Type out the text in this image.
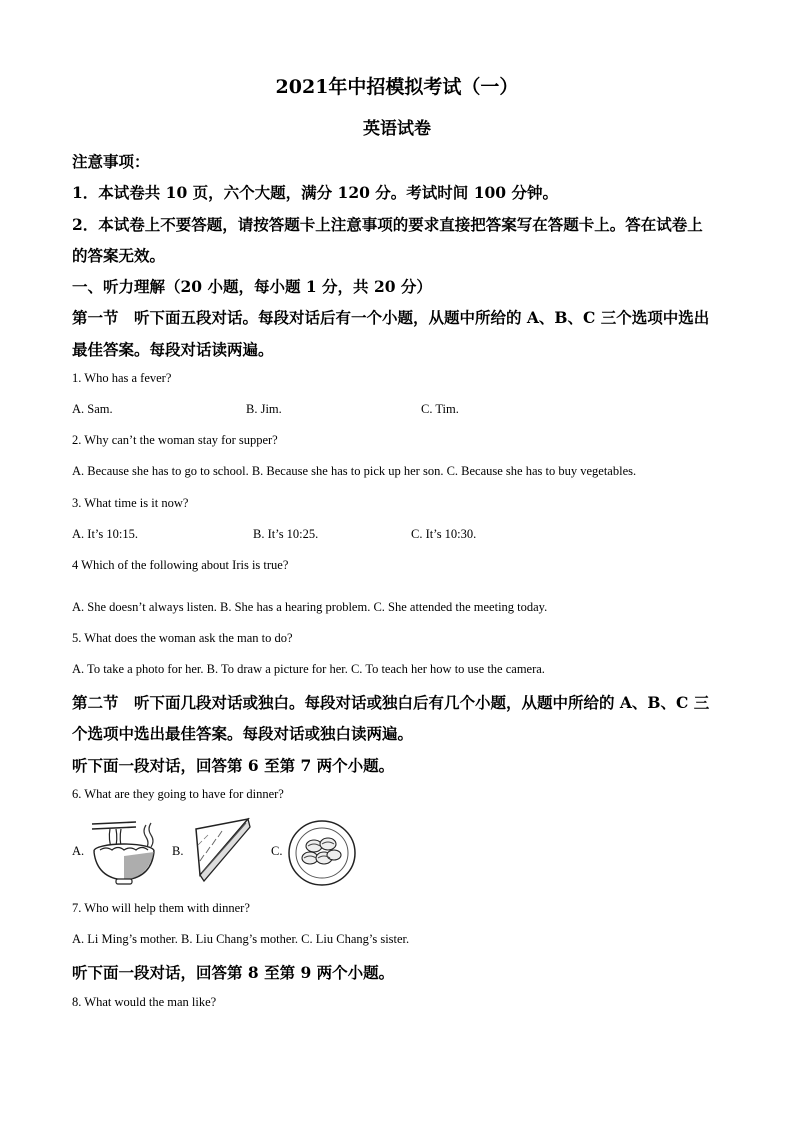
2021年中招模拟考试（一）
英语试卷
注意事项：
1．本试卷共 10 页，六个大题，满分 120 分。考试时间 100 分钟。
2．本试卷上不要答题，请按答题卡上注意事项的要求直接把答案写在答题卡上。答在试卷上
的答案无效。
一、听力理解（20 小题，每小题 1 分，共 20 分）
第一节　听下面五段对话。每段对话后有一个小题，从题中所给的 A、B、C 三个选项中选出
最佳答案。每段对话读两遍。
1. Who has a fever?
A. Sam.	B. Jim.	C. Tim.
2. Why can’t the woman stay for supper?
A. Because she has to go to school. B. Because she has to pick up her son. C. Because she has to buy vegetables.
3. What time is it now?
A. It’s 10:15.	B. It’s 10:25.	C. It’s 10:30.
4 Which of the following about Iris is true?
A. She doesn’t always listen. B. She has a hearing problem. C. She attended the meeting today.
5. What does the woman ask the man to do?
A. To take a photo for her. B. To draw a picture for her. C. To teach her how to use the camera.
第二节　听下面几段对话或独白。每段对话或独白后有几个小题，从题中所给的 A、B、C 三
个选项中选出最佳答案。每段对话或独白读两遍。
听下面一段对话，回答第 6 至第 7 两个小题。
6. What are they going to have for dinner?
A.	B.	C.
7. Who will help them with dinner?
A. Li Ming’s mother. B. Liu Chang’s mother. C. Liu Chang’s sister.
听下面一段对话，回答第 8 至第 9 两个小题。
8. What would the man like?
